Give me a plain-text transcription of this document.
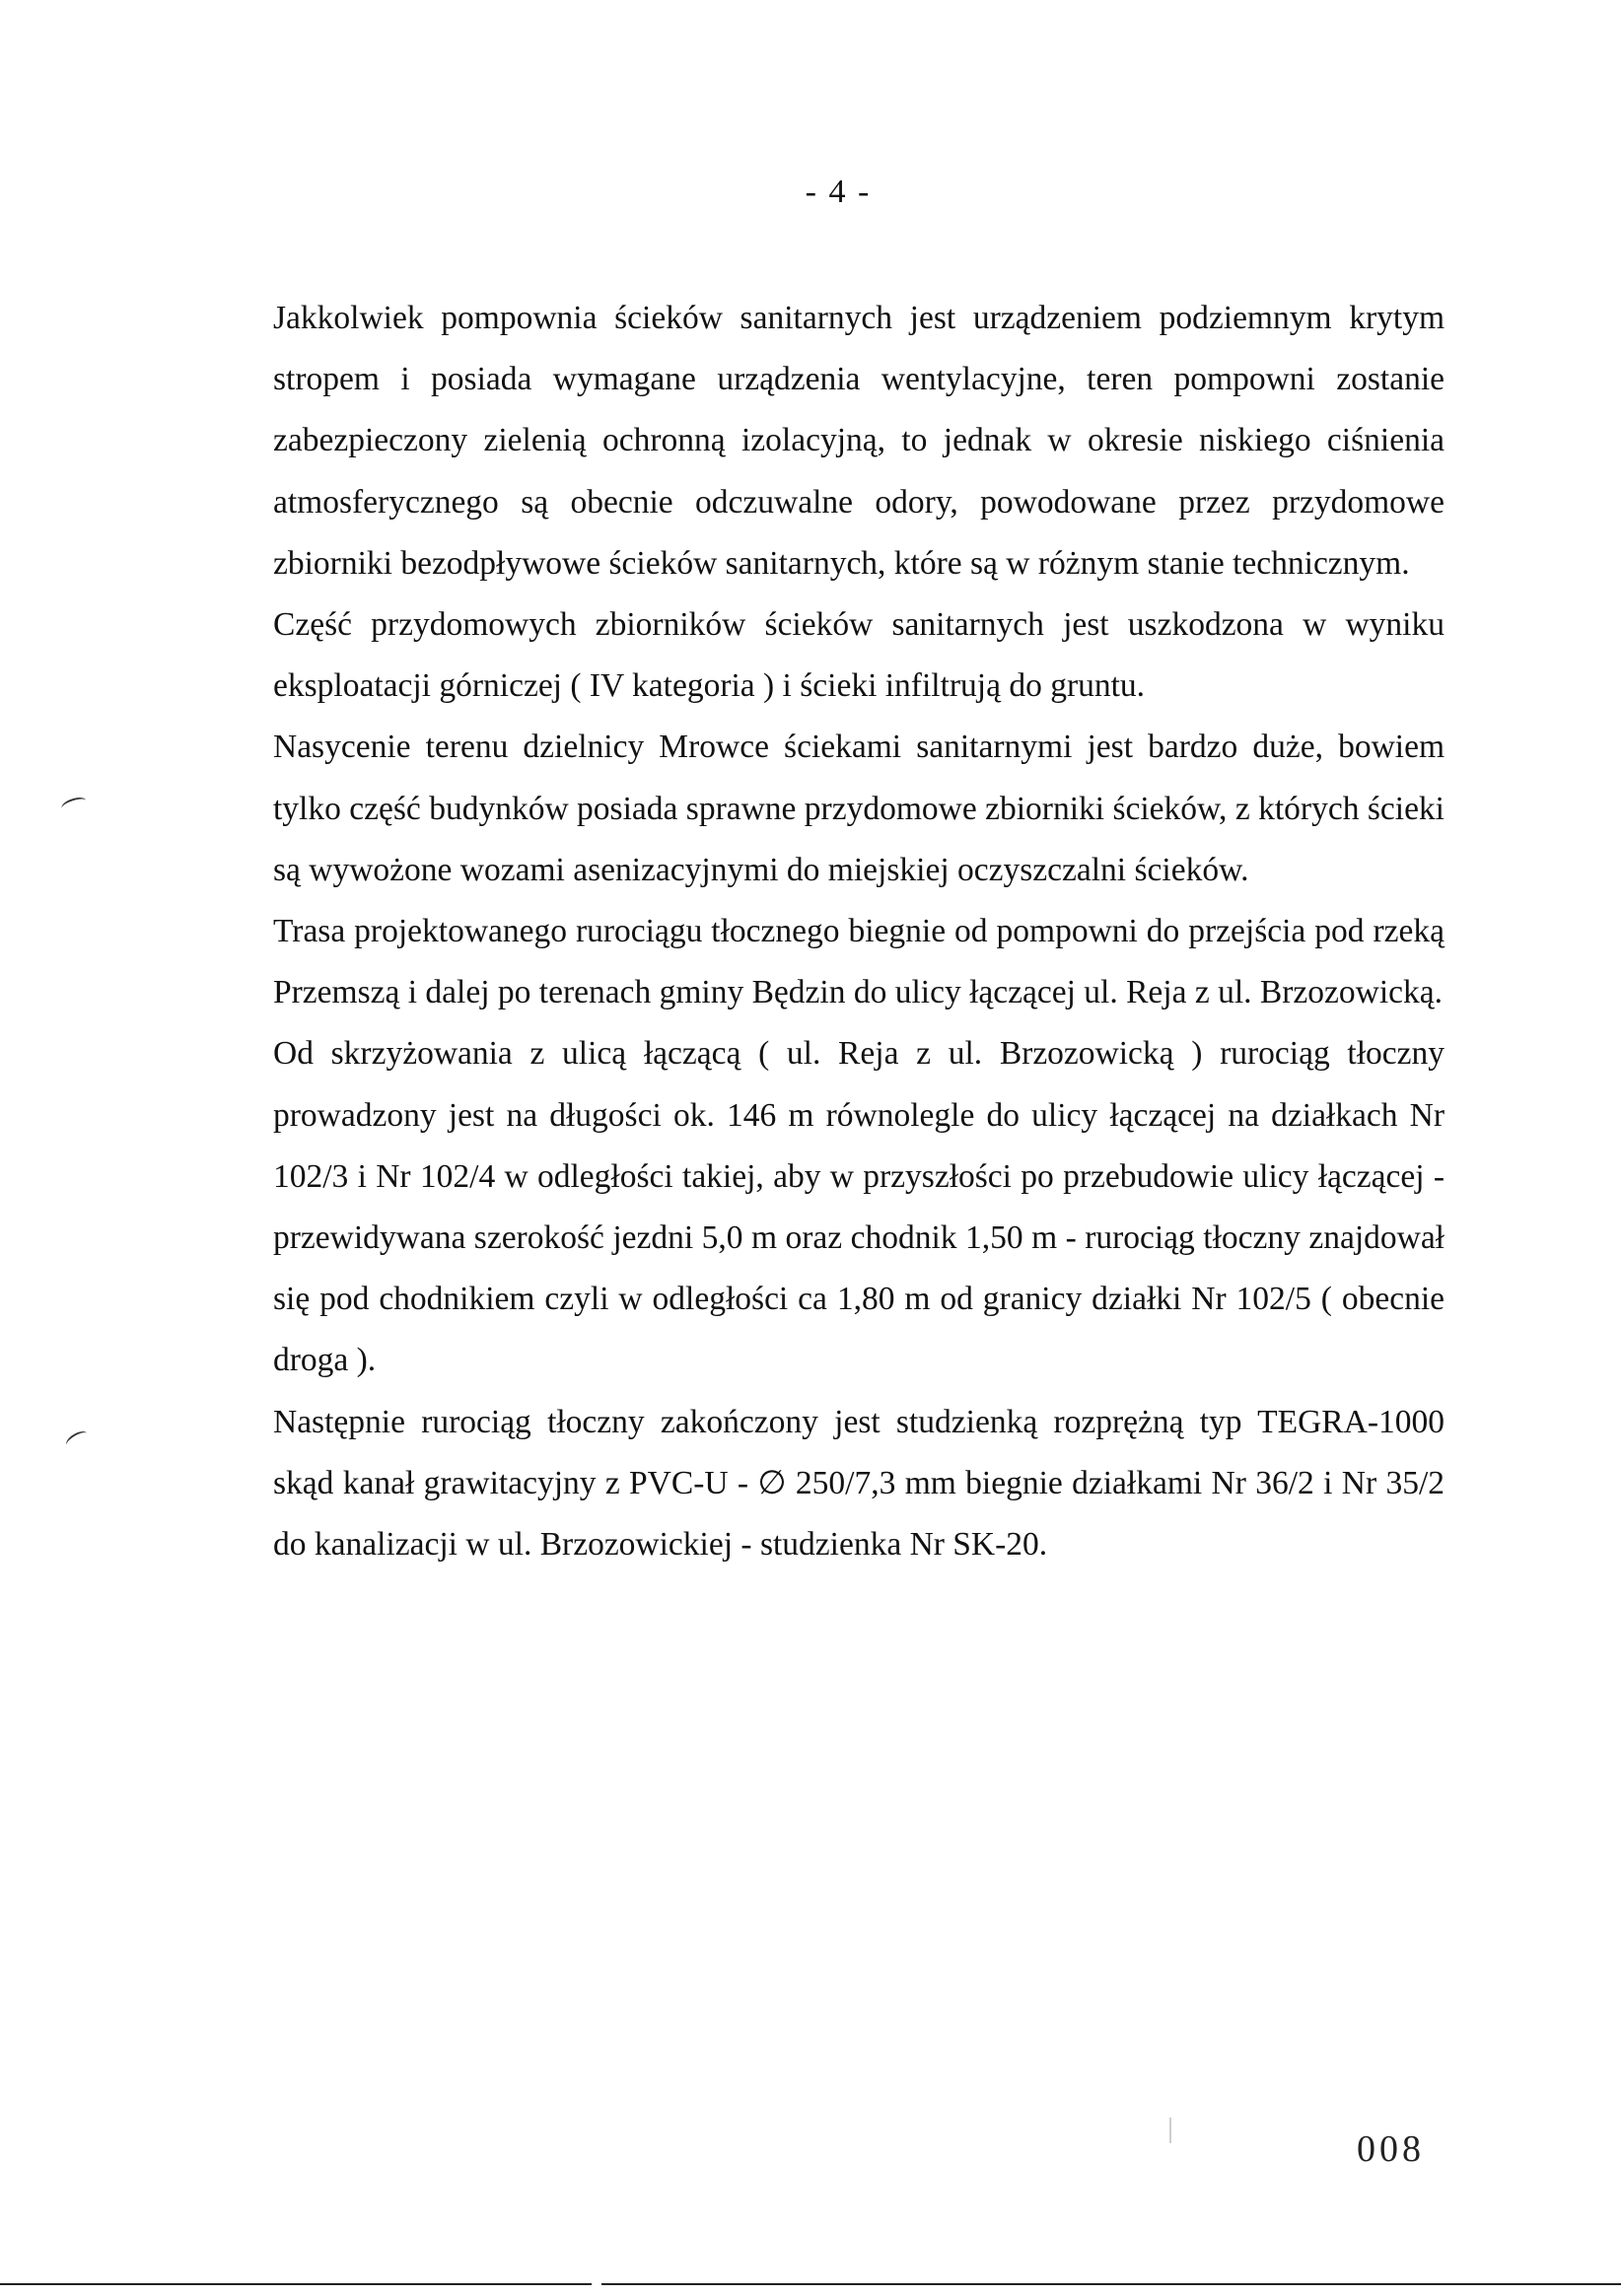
- 4 -

Jakkolwiek pompownia ścieków sanitarnych jest urządzeniem podziemnym krytym stropem i posiada wymagane urządzenia wentylacyjne, teren pompowni zostanie zabezpieczony zielenią ochronną izolacyjną, to jednak w okresie niskiego ciśnienia atmosferycznego są obecnie odczuwalne odory, powodowane przez przydomowe zbiorniki bezodpływowe ścieków sanitarnych, które są w różnym stanie technicznym.

Część przydomowych zbiorników ścieków sanitarnych jest uszkodzona w wyniku eksploatacji górniczej ( IV kategoria ) i ścieki infiltrują do gruntu.

Nasycenie terenu dzielnicy Mrowce ściekami sanitarnymi jest bardzo duże, bowiem tylko część budynków posiada sprawne przydomowe zbiorniki ścieków, z których ścieki są wywożone wozami asenizacyjnymi do miejskiej oczyszczalni ścieków.

Trasa projektowanego rurociągu tłocznego biegnie od pompowni do przejścia pod rzeką Przemszą i dalej po terenach gminy Będzin do ulicy łączącej ul. Reja z ul. Brzozowicką.

Od skrzyżowania z ulicą łączącą ( ul. Reja z ul. Brzozowicką ) rurociąg tłoczny prowadzony jest na długości ok. 146 m równolegle do ulicy łączącej na działkach Nr 102/3 i Nr 102/4 w odległości takiej, aby w przyszłości po przebudowie ulicy łączącej - przewidywana szerokość jezdni 5,0 m oraz chodnik 1,50 m - rurociąg tłoczny znajdował się pod chodnikiem czyli w odległości ca 1,80 m od granicy działki Nr 102/5 ( obecnie droga ).

Następnie rurociąg tłoczny zakończony jest studzienką rozprężną typ TEGRA-1000 skąd kanał grawitacyjny z PVC-U - ∅ 250/7,3 mm biegnie działkami Nr 36/2 i Nr 35/2 do kanalizacji w ul. Brzozowickiej - studzienka Nr SK-20.

008
